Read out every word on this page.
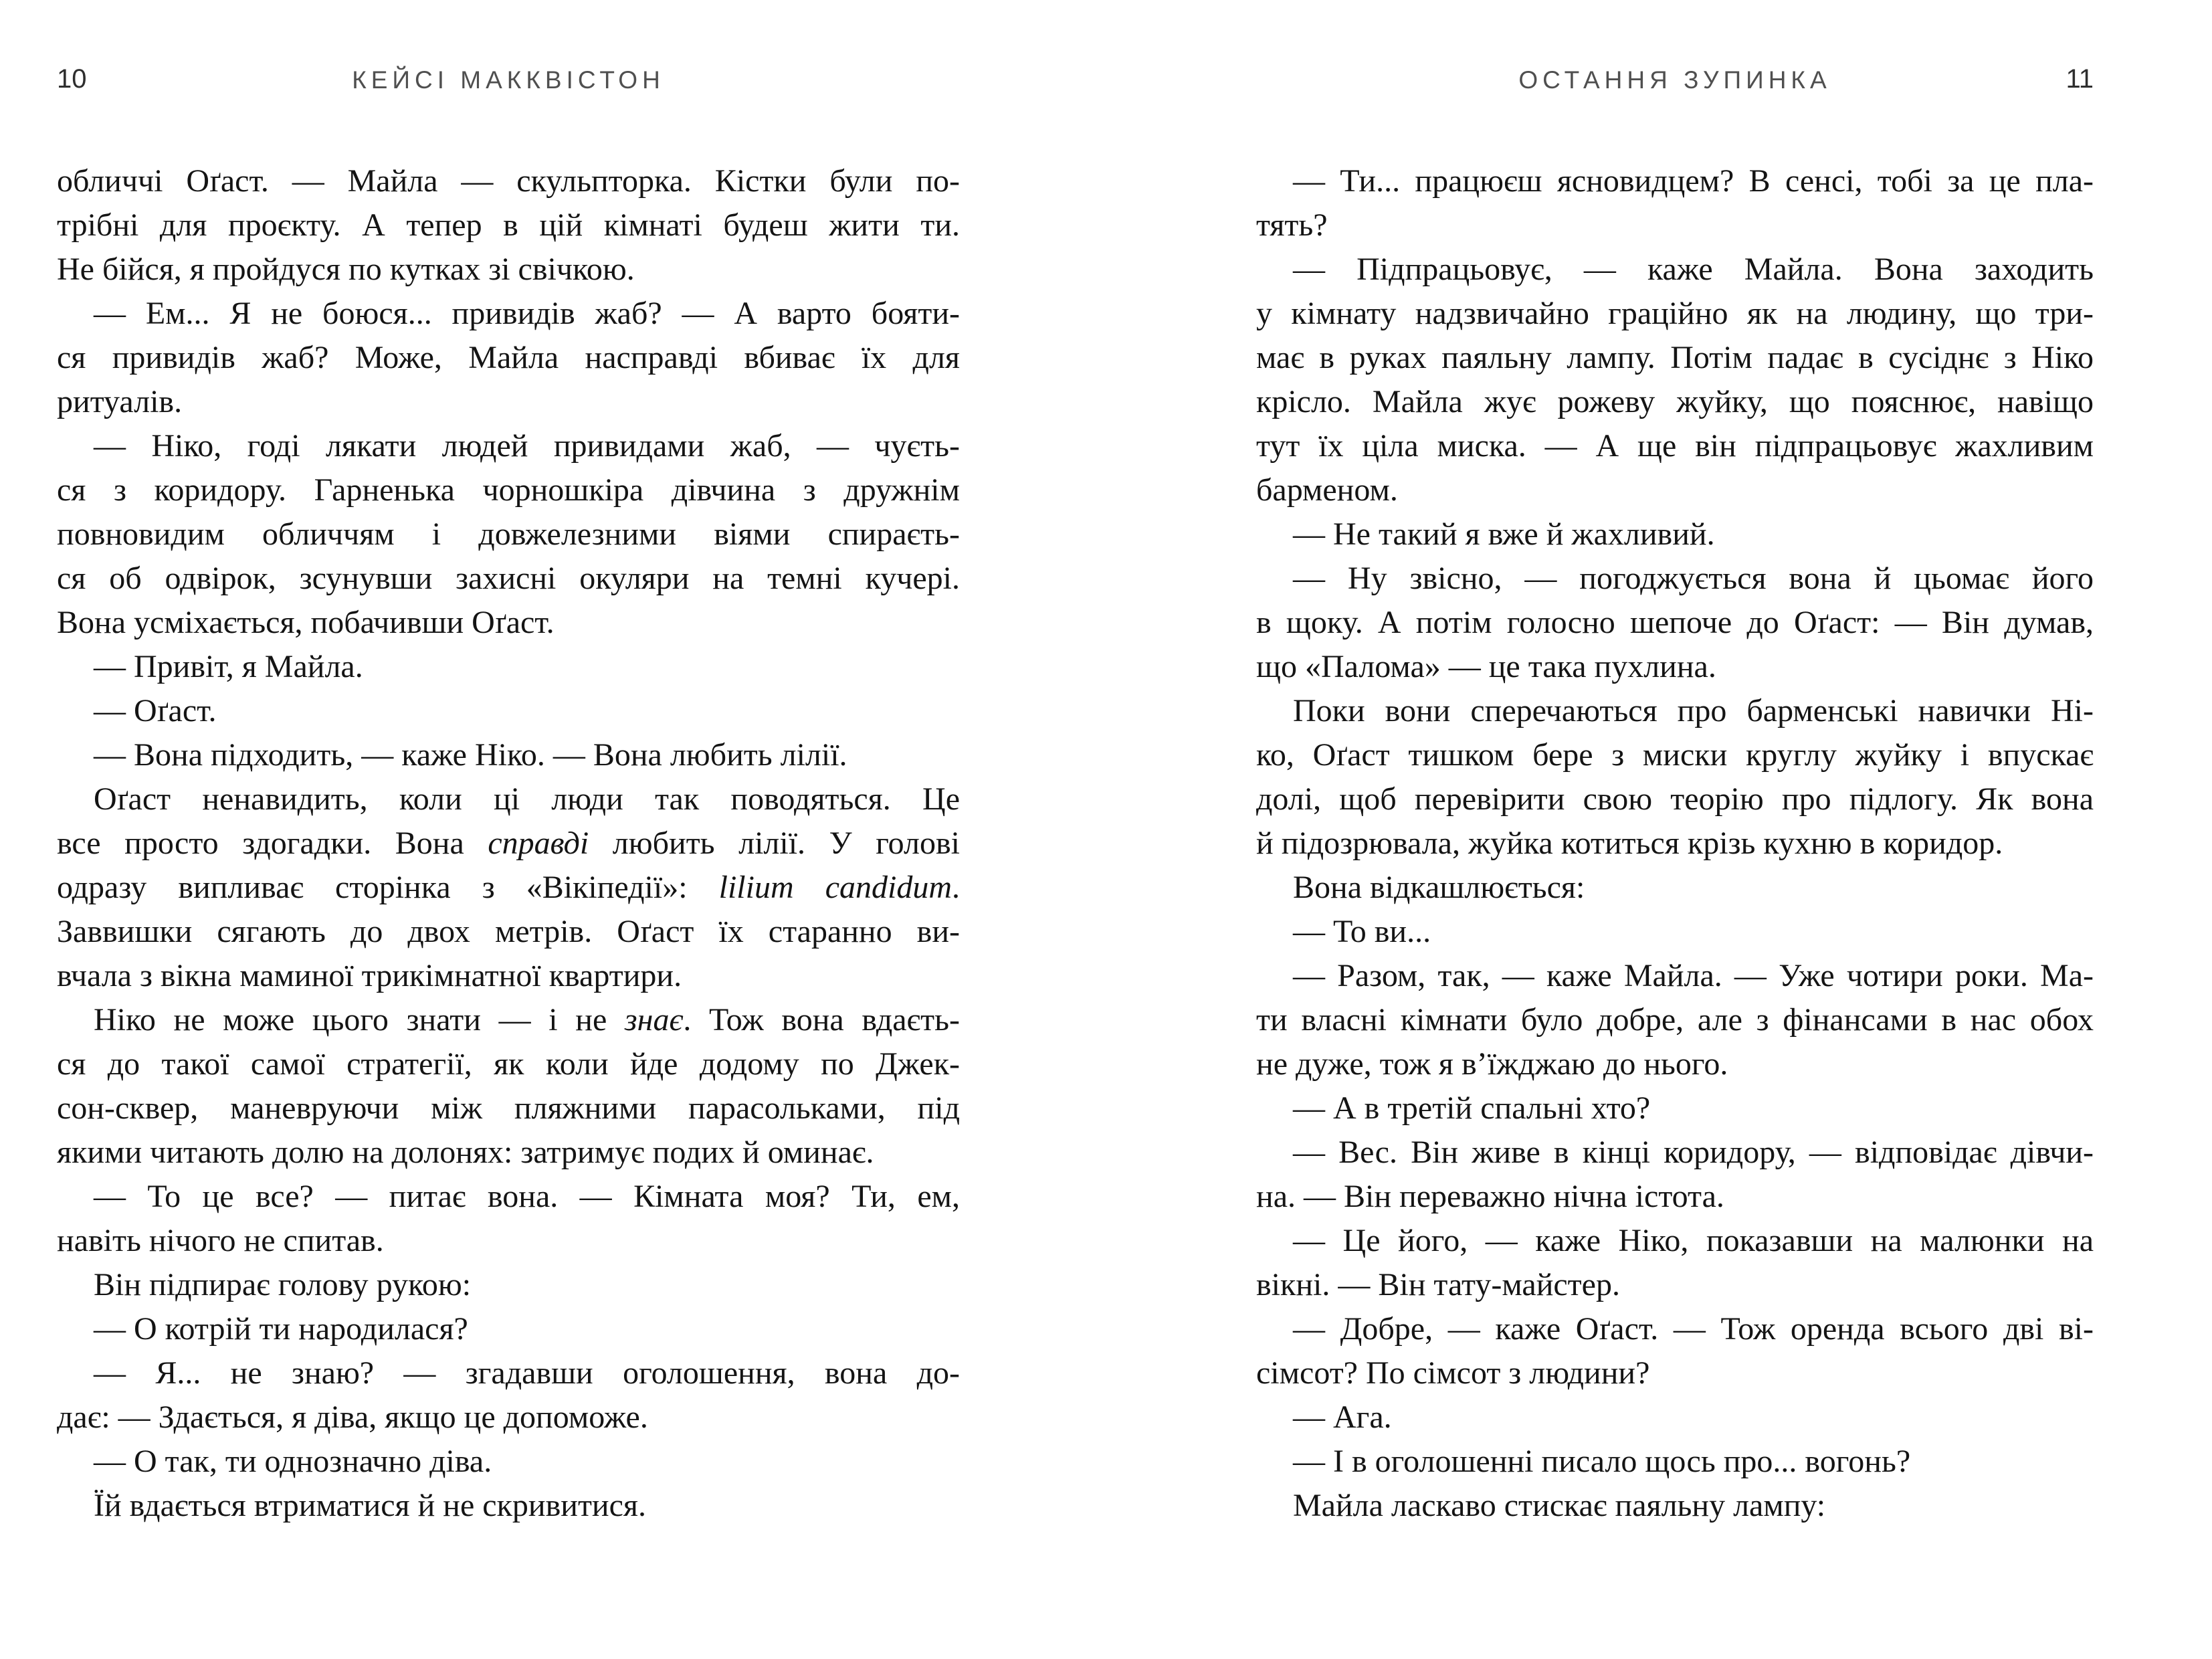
10	КЕЙСІ МАККВІСТОН
обличчі Оґаст. — Майла — скульпторка. Кістки були по-
трібні для проєкту. А тепер в цій кімнаті будеш жити ти.
Не бійся, я пройдуся по кутках зі свічкою.
— Ем... Я не боюся... привидів жаб? — А варто бояти-
ся привидів жаб? Може, Майла насправді вбиває їх для
ритуалів.
— Ніко, годі лякати людей привидами жаб, — чуєть-
ся з коридору. Гарненька чорношкіра дівчина з дружнім
повновидим обличчям і довжелезними віями спираєть-
ся об одвірок, зсунувши захисні окуляри на темні кучері.
Вона усміхається, побачивши Оґаст.
— Привіт, я Майла.
— Оґаст.
— Вона підходить, — каже Ніко. — Вона любить лілії.
Оґаст ненавидить, коли ці люди так поводяться. Це
все просто здогадки. Вона справді любить лілії. У голові
одразу випливає сторінка з «Вікіпедії»: lilium candidum.
Заввишки сягають до двох метрів. Оґаст їх старанно ви-
вчала з вікна маминої трикімнатної квартири.
Ніко не може цього знати — і не знає. Тож вона вдаєть-
ся до такої самої стратегії, як коли йде додому по Джек-
сон-сквер, маневруючи між пляжними парасольками, під
якими читають долю на долонях: затримує подих й оминає.
— То це все? — питає вона. — Кімната моя? Ти, ем,
навіть нічого не спитав.
Він підпирає голову рукою:
— О котрій ти народилася?
— Я... не знаю? — згадавши оголошення, вона до-
дає: — Здається, я діва, якщо це допоможе.
— О так, ти однозначно діва.
Їй вдається втриматися й не скривитися.
ОСТАННЯ ЗУПИНКА	11
— Ти... працюєш ясновидцем? В сенсі, тобі за це пла-
тять?
— Підпрацьовує, — каже Майла. Вона заходить
у кімнату надзвичайно граційно як на людину, що три-
має в руках паяльну лампу. Потім падає в сусіднє з Ніко
крісло. Майла жує рожеву жуйку, що пояснює, навіщо
тут їх ціла миска. — А ще він підпрацьовує жахливим
барменом.
— Не такий я вже й жахливий.
— Ну звісно, — погоджується вона й цьомає його
в щоку. А потім голосно шепоче до Оґаст: — Він думав,
що «Палома» — це така пухлина.
Поки вони сперечаються про барменські навички Ні-
ко, Оґаст тишком бере з миски круглу жуйку і впускає
долі, щоб перевірити свою теорію про підлогу. Як вона
й підозрювала, жуйка котиться крізь кухню в коридор.
Вона відкашлюється:
— То ви...
— Разом, так, — каже Майла. — Уже чотири роки. Ма-
ти власні кімнати було добре, але з фінансами в нас обох
не дуже, тож я в’їжджаю до нього.
— А в третій спальні хто?
— Вес. Він живе в кінці коридору, — відповідає дівчи-
на. — Він переважно нічна істота.
— Це його, — каже Ніко, показавши на малюнки на
вікні. — Він тату-майстер.
— Добре, — каже Оґаст. — Тож оренда всього дві ві-
сімсот? По сімсот з людини?
— Ага.
— І в оголошенні писало щось про... вогонь?
Майла ласкаво стискає паяльну лампу:
